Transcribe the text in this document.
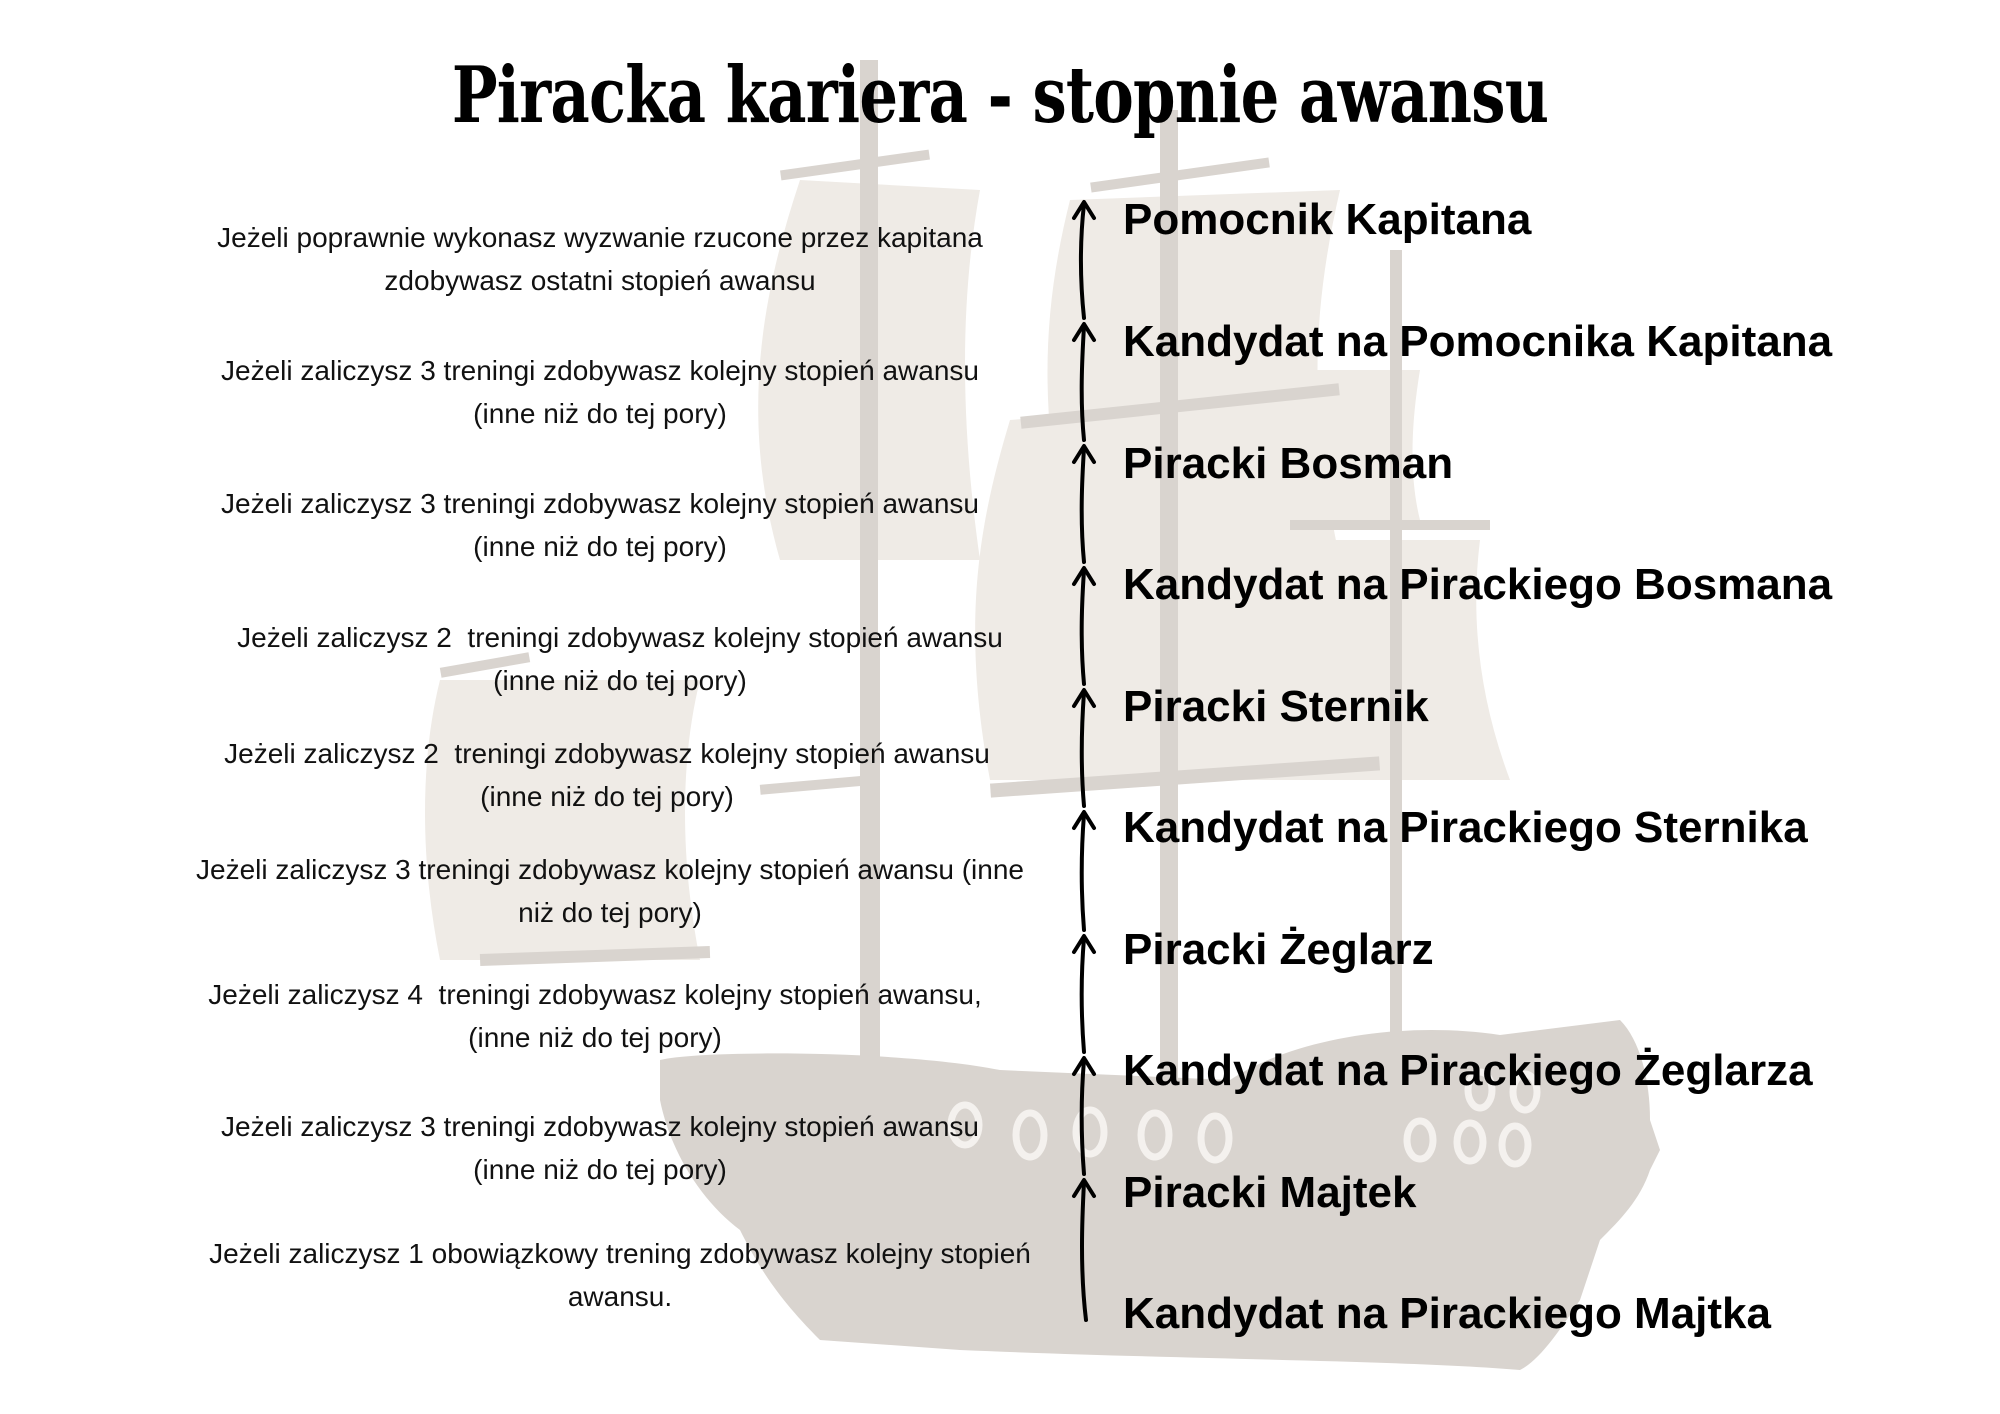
Piracka kariera - stopnie awansu
Pomocnik Kapitana
Kandydat na Pomocnika Kapitana
Piracki Bosman
Kandydat na Pirackiego Bosmana
Piracki Sternik
Kandydat na Pirackiego Sternika
Piracki Żeglarz
Kandydat na Pirackiego Żeglarza
Piracki Majtek
Kandydat na Pirackiego Majtka
Jeżeli poprawnie wykonasz wyzwanie rzucone przez kapitana
zdobywasz ostatni stopień awansu
Jeżeli zaliczysz 3 treningi zdobywasz kolejny stopień awansu
(inne niż do tej pory)
Jeżeli zaliczysz 3 treningi zdobywasz kolejny stopień awansu
(inne niż do tej pory)
Jeżeli zaliczysz 2  treningi zdobywasz kolejny stopień awansu
(inne niż do tej pory)
Jeżeli zaliczysz 2  treningi zdobywasz kolejny stopień awansu
(inne niż do tej pory)
Jeżeli zaliczysz 3 treningi zdobywasz kolejny stopień awansu (inne
niż do tej pory)
Jeżeli zaliczysz 4  treningi zdobywasz kolejny stopień awansu,
(inne niż do tej pory)
Jeżeli zaliczysz 3 treningi zdobywasz kolejny stopień awansu
(inne niż do tej pory)
Jeżeli zaliczysz 1 obowiązkowy trening zdobywasz kolejny stopień
awansu.
